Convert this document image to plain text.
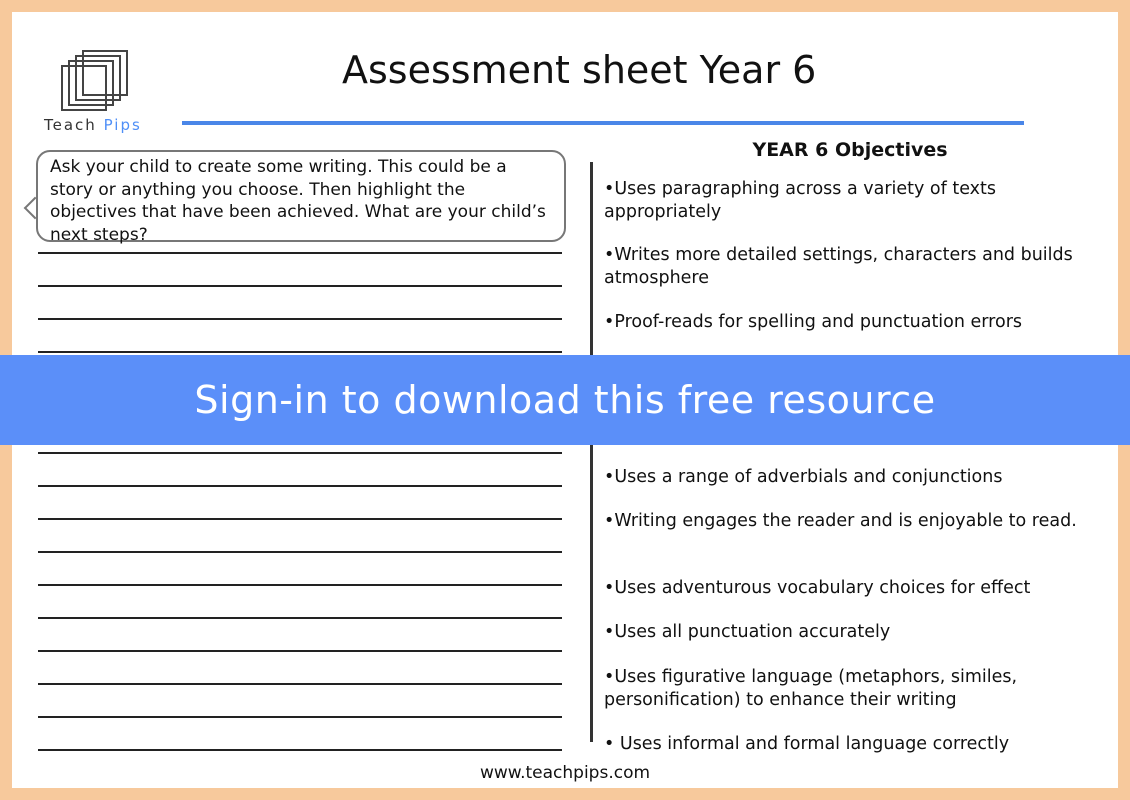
Teach Pips
Assessment sheet Year 6
Ask your child to create some writing. This could be a story or anything you choose. Then highlight the objectives that have been achieved. What are your child’s next steps?
YEAR 6 Objectives
•Uses paragraphing across a variety of texts appropriately
•Writes more detailed settings, characters and builds atmosphere
•Proof-reads for spelling and punctuation errors
•Uses a range of adverbials and conjunctions
•Writing engages the reader and is enjoyable to read.
•Uses adventurous vocabulary choices for effect
•Uses all punctuation accurately
•Uses figurative language (metaphors, similes, personification) to enhance their writing
• Uses informal and formal language correctly
www.teachpips.com
Sign-in to download this free resource
